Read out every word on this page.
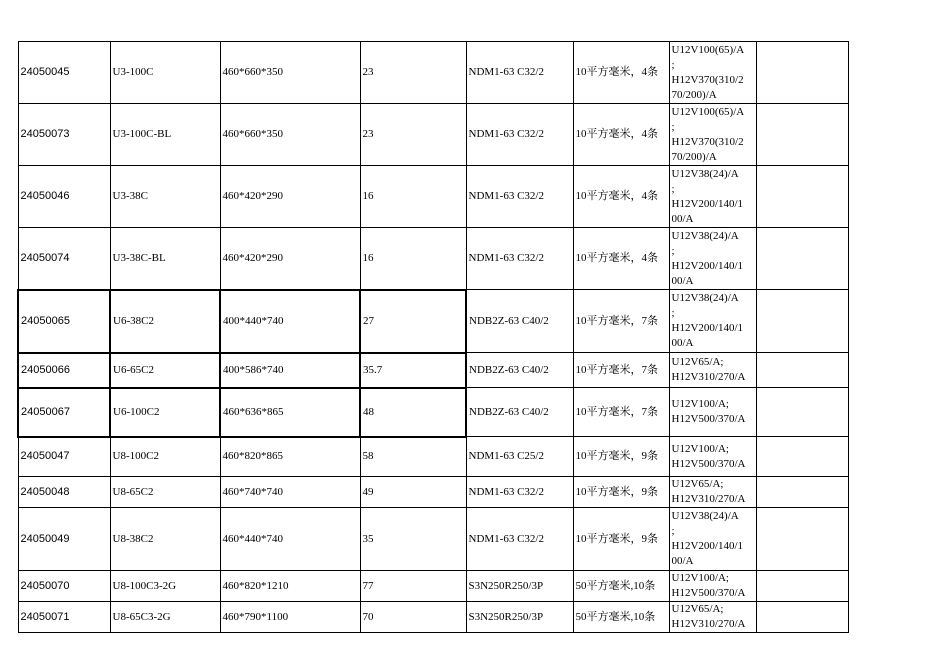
24050045	U3-100C	460*660*350	23	NDM1-63 C32/2	10平方毫米，4条	U12V100(65)/A
;
H12V370(310/2
70/200)/A	
24050073	U3-100C-BL	460*660*350	23	NDM1-63 C32/2	10平方毫米，4条	U12V100(65)/A
;
H12V370(310/2
70/200)/A	
24050046	U3-38C	460*420*290	16	NDM1-63 C32/2	10平方毫米，4条	U12V38(24)/A
;
H12V200/140/1
00/A	
24050074	U3-38C-BL	460*420*290	16	NDM1-63 C32/2	10平方毫米，4条	U12V38(24)/A
;
H12V200/140/1
00/A	
24050065	U6-38C2	400*440*740	27	NDB2Z-63 C40/2	10平方毫米，7条	U12V38(24)/A
;
H12V200/140/1
00/A	
24050066	U6-65C2	400*586*740	35.7	NDB2Z-63 C40/2	10平方毫米，7条	U12V65/A;
H12V310/270/A	
24050067	U6-100C2	460*636*865	48	NDB2Z-63 C40/2	10平方毫米，7条	U12V100/A;
H12V500/370/A	
24050047	U8-100C2	460*820*865	58	NDM1-63 C25/2	10平方毫米，9条	U12V100/A;
H12V500/370/A	
24050048	U8-65C2	460*740*740	49	NDM1-63 C32/2	10平方毫米，9条	U12V65/A;
H12V310/270/A	
24050049	U8-38C2	460*440*740	35	NDM1-63 C32/2	10平方毫米，9条	U12V38(24)/A
;
H12V200/140/1
00/A	
24050070	U8-100C3-2G	460*820*1210	77	S3N250R250/3P	50平方毫米,10条	U12V100/A;
H12V500/370/A	
24050071	U8-65C3-2G	460*790*1100	70	S3N250R250/3P	50平方毫米,10条	U12V65/A;
H12V310/270/A	
